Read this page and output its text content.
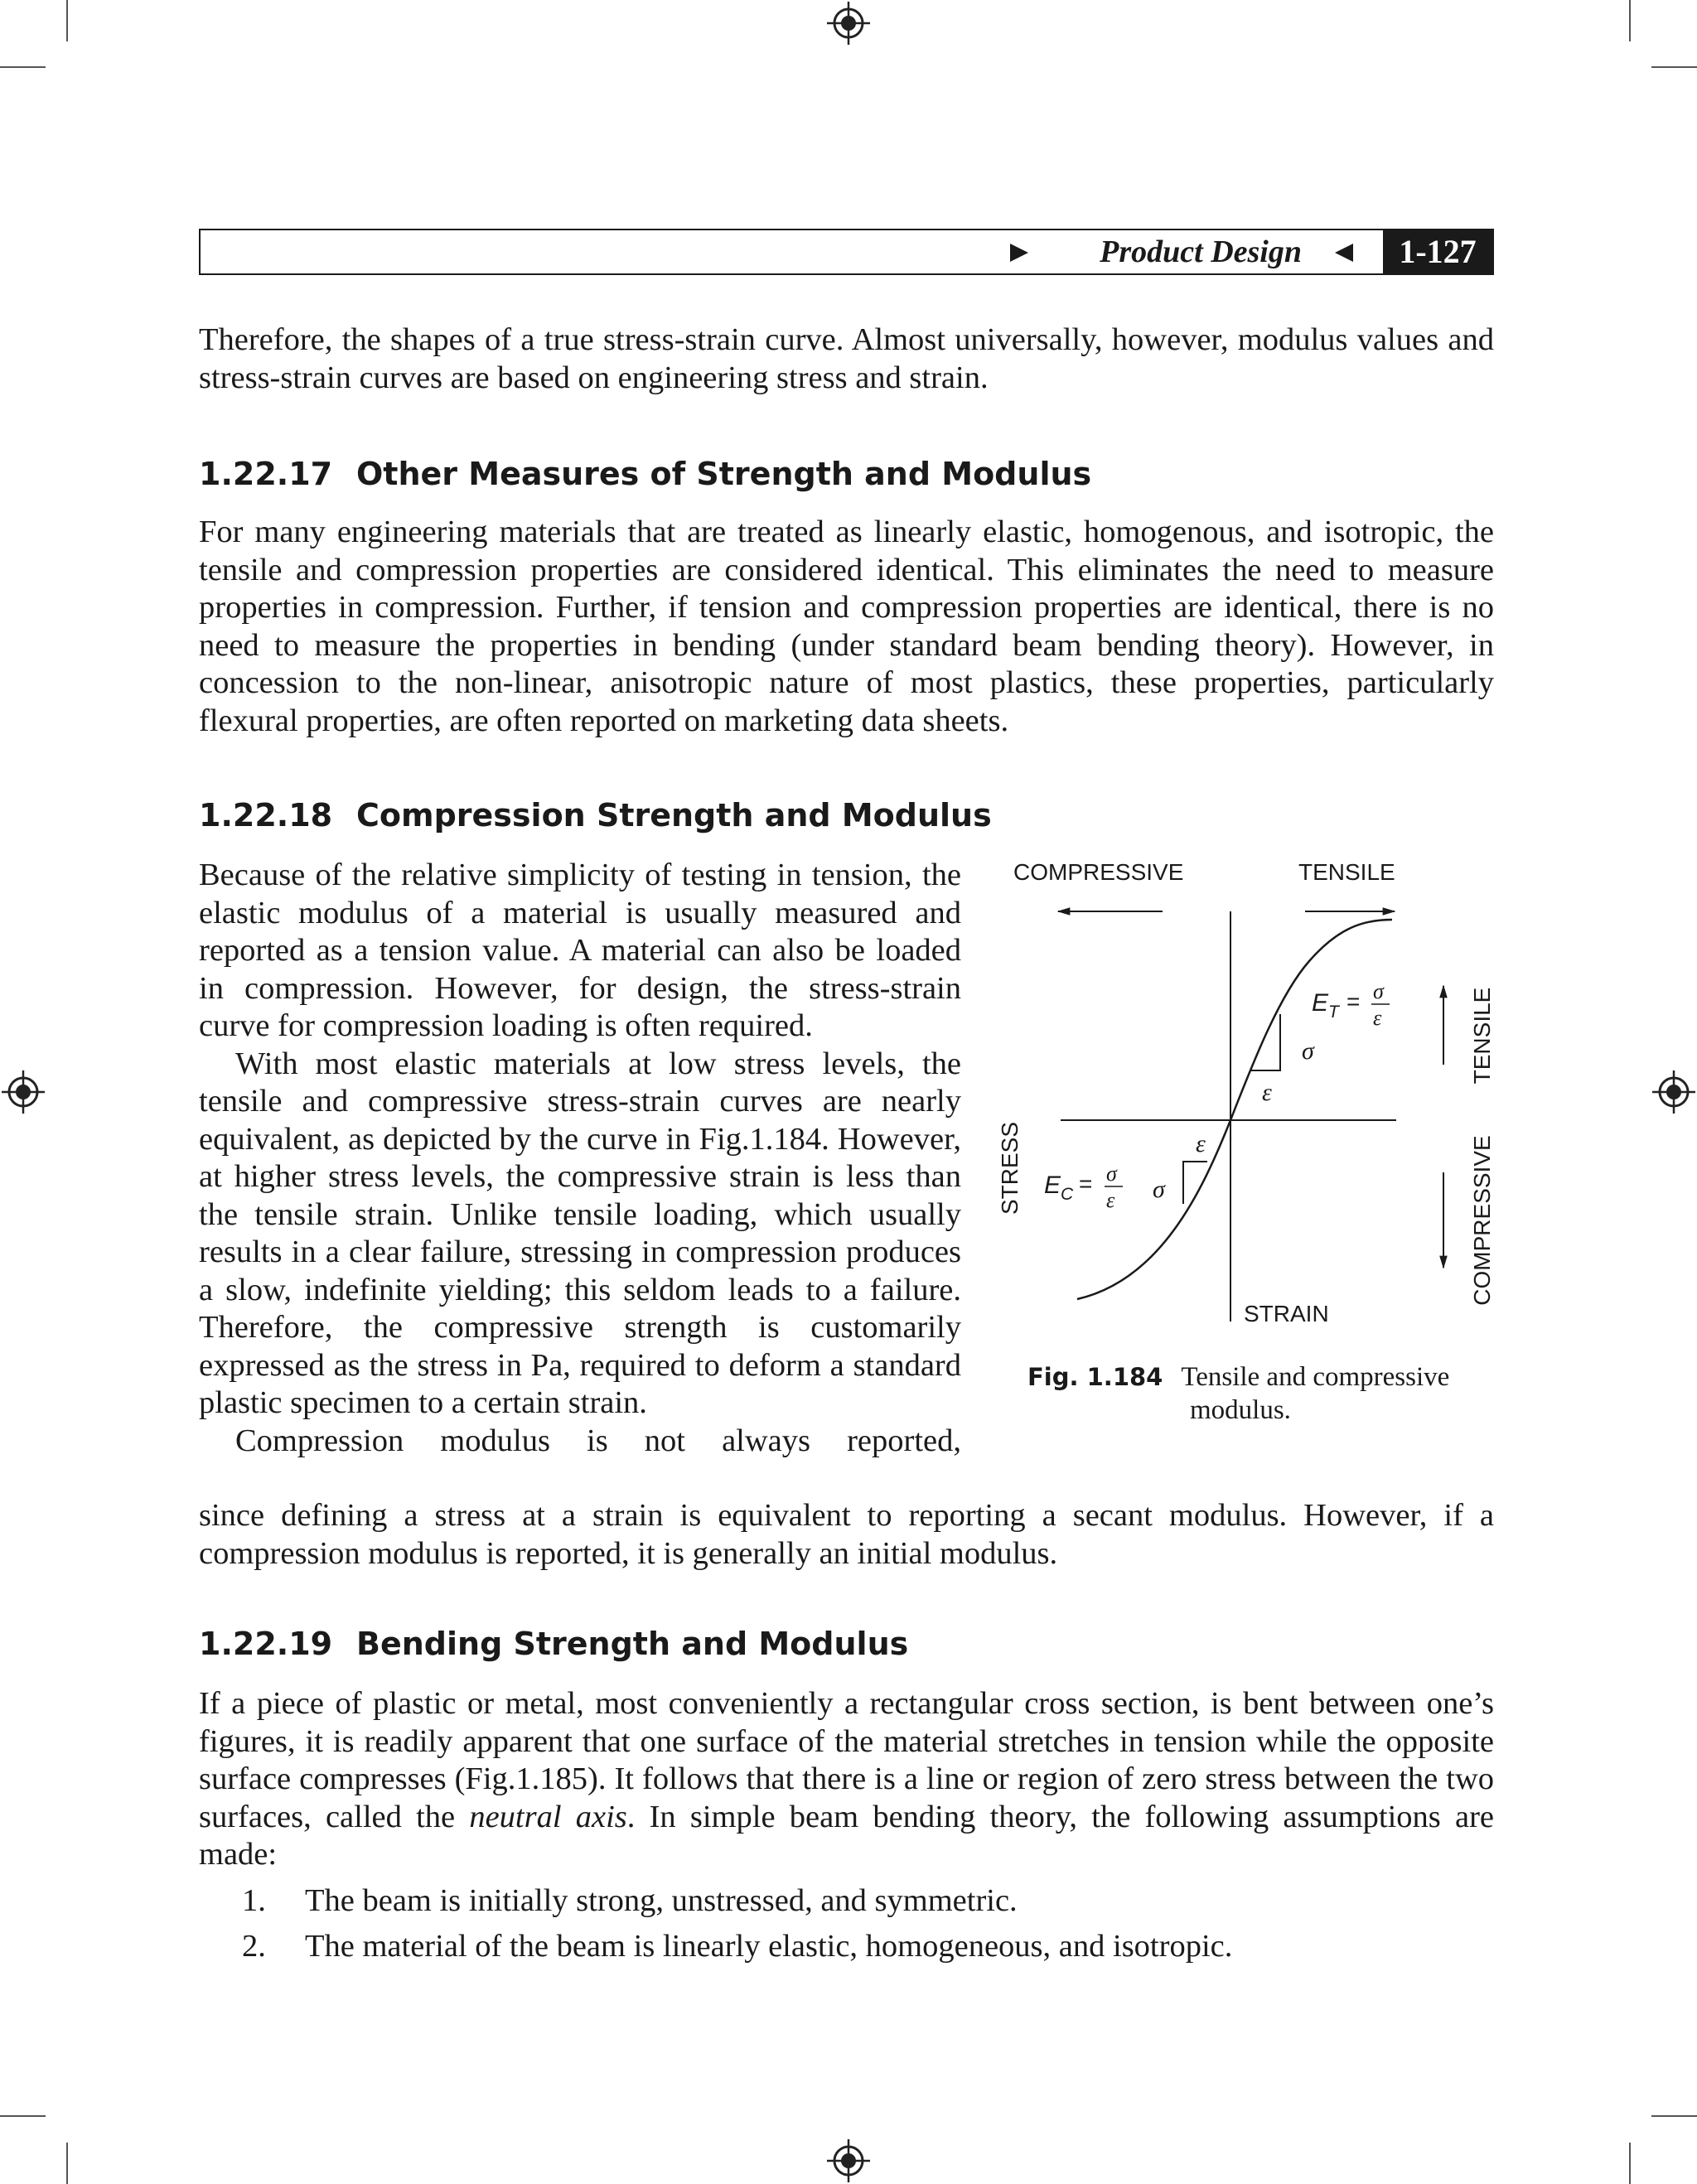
Product Design	1-127

Therefore, the shapes of a true stress-strain curve. Almost universally, however, modulus values and stress-strain curves are based on engineering stress and strain.

1.22.17 Other Measures of Strength and Modulus

For many engineering materials that are treated as linearly elastic, homogenous, and isotropic, the tensile and compression properties are considered identical. This eliminates the need to measure properties in compression. Further, if tension and compression properties are identical, there is no need to measure the properties in bending (under standard beam bending theory). However, in concession to the non-linear, anisotropic nature of most plastics, these properties, particularly flexural properties, are often reported on marketing data sheets.

1.22.18 Compression Strength and Modulus

Because of the relative simplicity of testing in tension, the elastic modulus of a material is usually measured and reported as a tension value. A material can also be loaded in compression. However, for design, the stress-strain curve for compression loading is often required.

With most elastic materials at low stress levels, the tensile and compressive stress-strain curves are nearly equivalent, as depicted by the curve in Fig.1.184. However, at higher stress levels, the compressive strain is less than the tensile strain. Unlike tensile loading, which usually results in a clear failure, stressing in compression produces a slow, indefinite yielding; this seldom leads to a failure. Therefore, the compressive strength is customarily expressed as the stress in Pa, required to deform a standard plastic specimen to a certain strain.

Compression modulus is not always reported,

since defining a stress at a strain is equivalent to reporting a secant modulus. However, if a compression modulus is reported, it is generally an initial modulus.

COMPRESSIVE	TENSILE
STRAIN
STRESS
TENSILE
COMPRESSIVE
$E_T = \sigma$
ε
σ
ε
$E_C = \sigma$
ε σ
ε
Fig. 1.184 Tensile and compressive
modulus.
1.22.19 Bending Strength and Modulus

If a piece of plastic or metal, most conveniently a rectangular cross section, is bent between one’s figures, it is readily apparent that one surface of the material stretches in tension while the opposite surface compresses (Fig.1.185). It follows that there is a line or region of zero stress between the two surfaces, called the neutral axis. In simple beam bending theory, the following assumptions are made:

1. The beam is initially strong, unstressed, and symmetric.
2. The material of the beam is linearly elastic, homogeneous, and isotropic.
